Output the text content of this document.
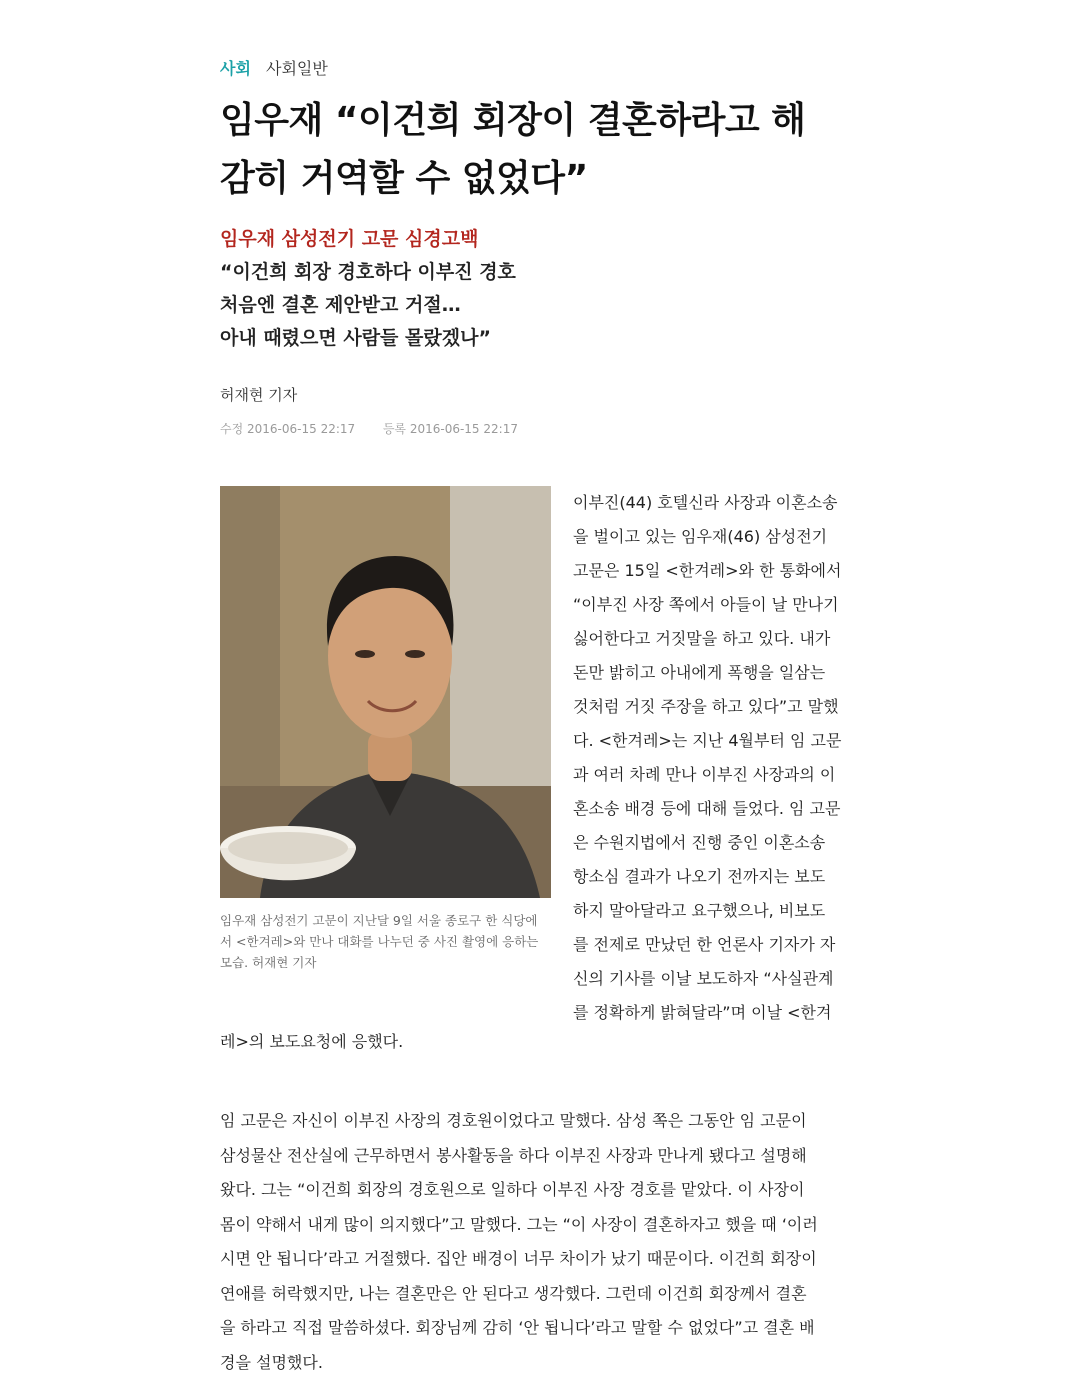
사회 사회일반
임우재 “이건희 회장이 결혼하라고 해
감히 거역할 수 없었다”
임우재 삼성전기 고문 심경고백
“이건희 회장 경호하다 이부진 경호
처음엔 결혼 제안받고 거절…
아내 때렸으면 사람들 몰랐겠나”
허재현 기자
수정 2016-06-15 22:17 등록 2016-06-15 22:17
임우재 삼성전기 고문이 지난달 9일 서울 종로구 한 식당에
서 <한겨레>와 만나 대화를 나누던 중 사진 촬영에 응하는
모습. 허재현 기자
이부진(44) 호텔신라 사장과 이혼소송
을 벌이고 있는 임우재(46) 삼성전기
고문은 15일 <한겨레>와 한 통화에서
“이부진 사장 쪽에서 아들이 날 만나기
싫어한다고 거짓말을 하고 있다. 내가
돈만 밝히고 아내에게 폭행을 일삼는
것처럼 거짓 주장을 하고 있다”고 말했
다. <한겨레>는 지난 4월부터 임 고문
과 여러 차례 만나 이부진 사장과의 이
혼소송 배경 등에 대해 들었다. 임 고문
은 수원지법에서 진행 중인 이혼소송
항소심 결과가 나오기 전까지는 보도
하지 말아달라고 요구했으나, 비보도
를 전제로 만났던 한 언론사 기자가 자
신의 기사를 이날 보도하자 “사실관계
를 정확하게 밝혀달라”며 이날 <한겨
레>의 보도요청에 응했다.
임 고문은 자신이 이부진 사장의 경호원이었다고 말했다. 삼성 쪽은 그동안 임 고문이
삼성물산 전산실에 근무하면서 봉사활동을 하다 이부진 사장과 만나게 됐다고 설명해
왔다. 그는 “이건희 회장의 경호원으로 일하다 이부진 사장 경호를 맡았다. 이 사장이
몸이 약해서 내게 많이 의지했다”고 말했다. 그는 “이 사장이 결혼하자고 했을 때 ‘이러
시면 안 됩니다’라고 거절했다. 집안 배경이 너무 차이가 났기 때문이다. 이건희 회장이
연애를 허락했지만, 나는 결혼만은 안 된다고 생각했다. 그런데 이건희 회장께서 결혼
을 하라고 직접 말씀하셨다. 회장님께 감히 ‘안 됩니다’라고 말할 수 없었다”고 결혼 배
경을 설명했다.
